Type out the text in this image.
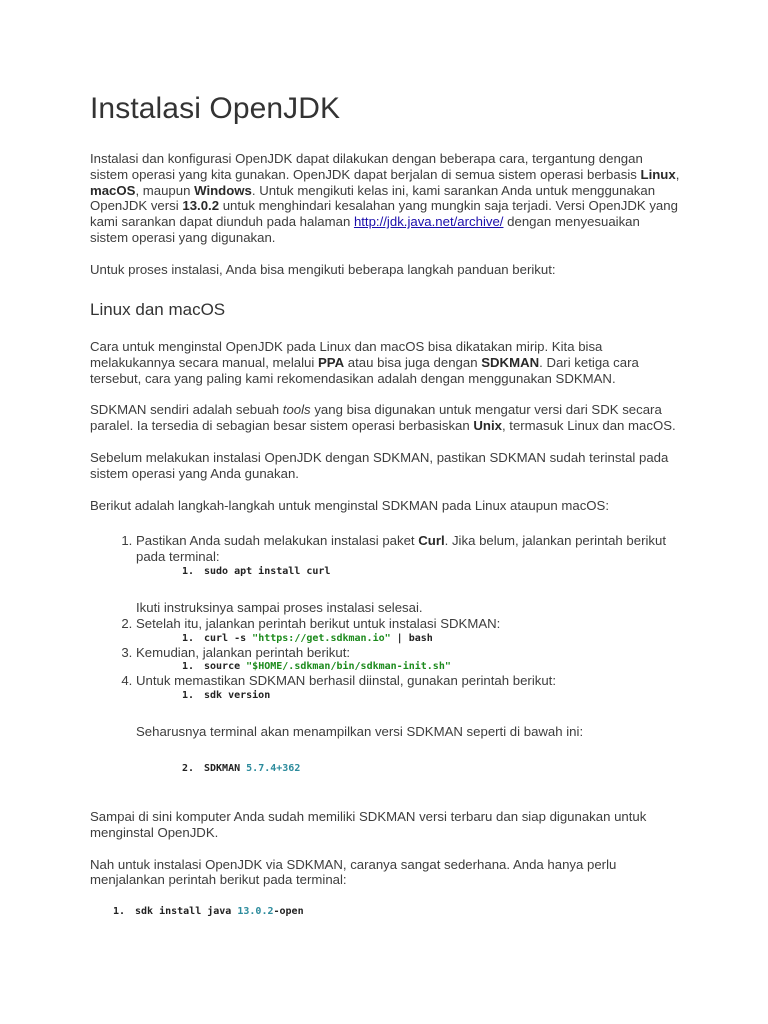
Instalasi OpenJDK

Instalasi dan konfigurasi OpenJDK dapat dilakukan dengan beberapa cara, tergantung dengan sistem operasi yang kita gunakan. OpenJDK dapat berjalan di semua sistem operasi berbasis Linux, macOS, maupun Windows. Untuk mengikuti kelas ini, kami sarankan Anda untuk menggunakan OpenJDK versi 13.0.2 untuk menghindari kesalahan yang mungkin saja terjadi. Versi OpenJDK yang kami sarankan dapat diunduh pada halaman http://jdk.java.net/archive/ dengan menyesuaikan sistem operasi yang digunakan.

Untuk proses instalasi, Anda bisa mengikuti beberapa langkah panduan berikut:

Linux dan macOS

Cara untuk menginstal OpenJDK pada Linux dan macOS bisa dikatakan mirip. Kita bisa melakukannya secara manual, melalui PPA atau bisa juga dengan SDKMAN. Dari ketiga cara tersebut, cara yang paling kami rekomendasikan adalah dengan menggunakan SDKMAN.

SDKMAN sendiri adalah sebuah tools yang bisa digunakan untuk mengatur versi dari SDK secara paralel. Ia tersedia di sebagian besar sistem operasi berbasiskan Unix, termasuk Linux dan macOS.

Sebelum melakukan instalasi OpenJDK dengan SDKMAN, pastikan SDKMAN sudah terinstal pada sistem operasi yang Anda gunakan.

Berikut adalah langkah-langkah untuk menginstal SDKMAN pada Linux ataupun macOS:

1. Pastikan Anda sudah melakukan instalasi paket Curl. Jika belum, jalankan perintah berikut pada terminal:
1. sudo apt install curl
Ikuti instruksinya sampai proses instalasi selesai.
2. Setelah itu, jalankan perintah berikut untuk instalasi SDKMAN:
1. curl -s "https://get.sdkman.io" | bash
3. Kemudian, jalankan perintah berikut:
1. source "$HOME/.sdkman/bin/sdkman-init.sh"
4. Untuk memastikan SDKMAN berhasil diinstal, gunakan perintah berikut:
1. sdk version
Seharusnya terminal akan menampilkan versi SDKMAN seperti di bawah ini:
2. SDKMAN 5.7.4+362

Sampai di sini komputer Anda sudah memiliki SDKMAN versi terbaru dan siap digunakan untuk menginstal OpenJDK.

Nah untuk instalasi OpenJDK via SDKMAN, caranya sangat sederhana. Anda hanya perlu menjalankan perintah berikut pada terminal:

1. sdk install java 13.0.2-open
